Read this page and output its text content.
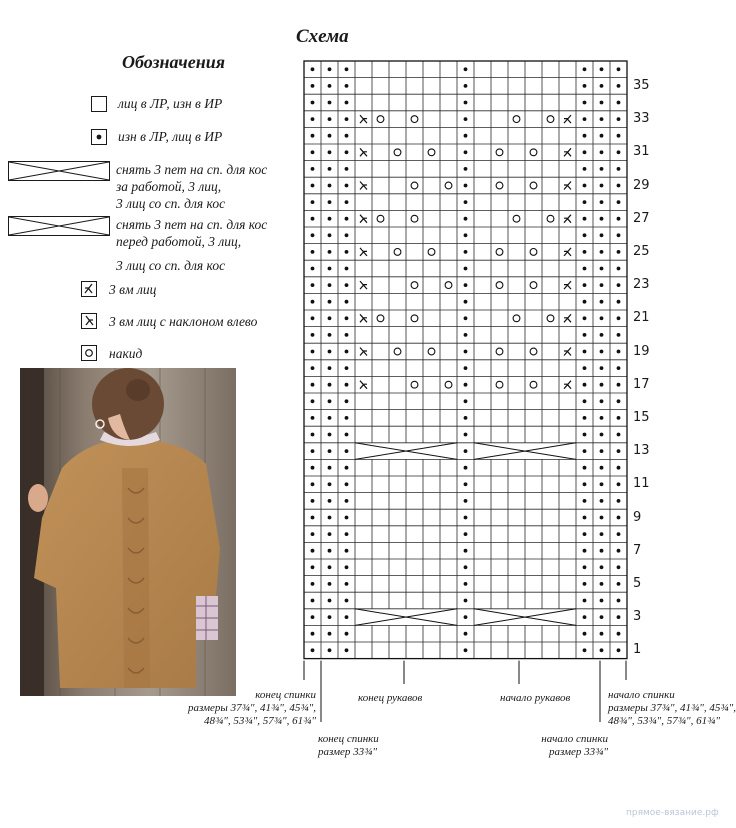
Схема
Обозначения
лиц в ЛР, изн в ИР
изн в ЛР, лиц в ИР
снять 3 пет на сп. для кос
за работой, 3 лиц,
3 лиц со сп. для кос
снять 3 пет на сп. для кос
перед работой, 3 лиц,
3 лиц со сп. для кос
3 вм лиц
3 вм лиц с наклоном влево
накид
1
3
5
7
9
11
13
15
17
19
21
23
25
27
29
31
33
35
конец спинки
размеры 37¾", 41¾", 45¾",
48¾", 53¾", 57¾", 61¾"
конец спинки
размер 33¾"
конец рукавов	начало рукавов
начало спинки
размер 33¾"
начало спинки
размеры 37¾", 41¾", 45¾",
48¾", 53¾", 57¾", 61¾"
прямое-вязание.рф
